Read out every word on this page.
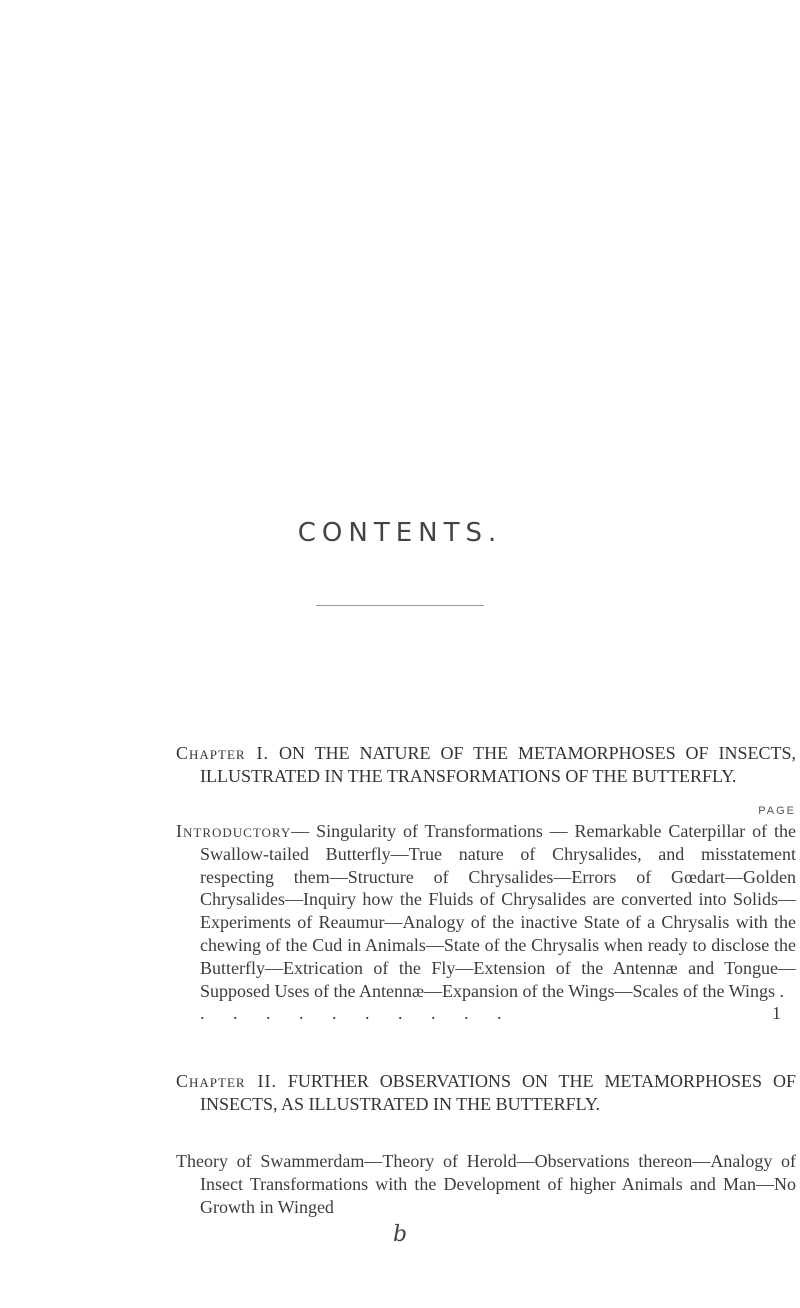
CONTENTS.
Chapter I. ON THE NATURE OF THE METAMORPHOSES OF INSECTS, ILLUSTRATED IN THE TRANSFORMATIONS OF THE BUTTERFLY.
PAGE
Introductory— Singularity of Transformations — Remarkable Caterpillar of the Swallow-tailed Butterfly—True nature of Chrysalides, and misstatement respecting them—Structure of Chrysalides—Errors of Gœdart—Golden Chrysalides—Inquiry how the Fluids of Chrysalides are converted into Solids—Experiments of Reaumur—Analogy of the inactive State of a Chrysalis with the chewing of the Cud in Animals—State of the Chrysalis when ready to disclose the Butterfly—Extrication of the Fly—Extension of the Antennæ and Tongue—Supposed Uses of the Antennæ—Expansion of the Wings—Scales of the Wings . . . . . . . . . . .	1
Chapter II. FURTHER OBSERVATIONS ON THE METAMORPHOSES OF INSECTS, AS ILLUSTRATED IN THE BUTTERFLY.
Theory of Swammerdam—Theory of Herold—Observations thereon—Analogy of Insect Transformations with the Development of higher Animals and Man—No Growth in Winged
b
